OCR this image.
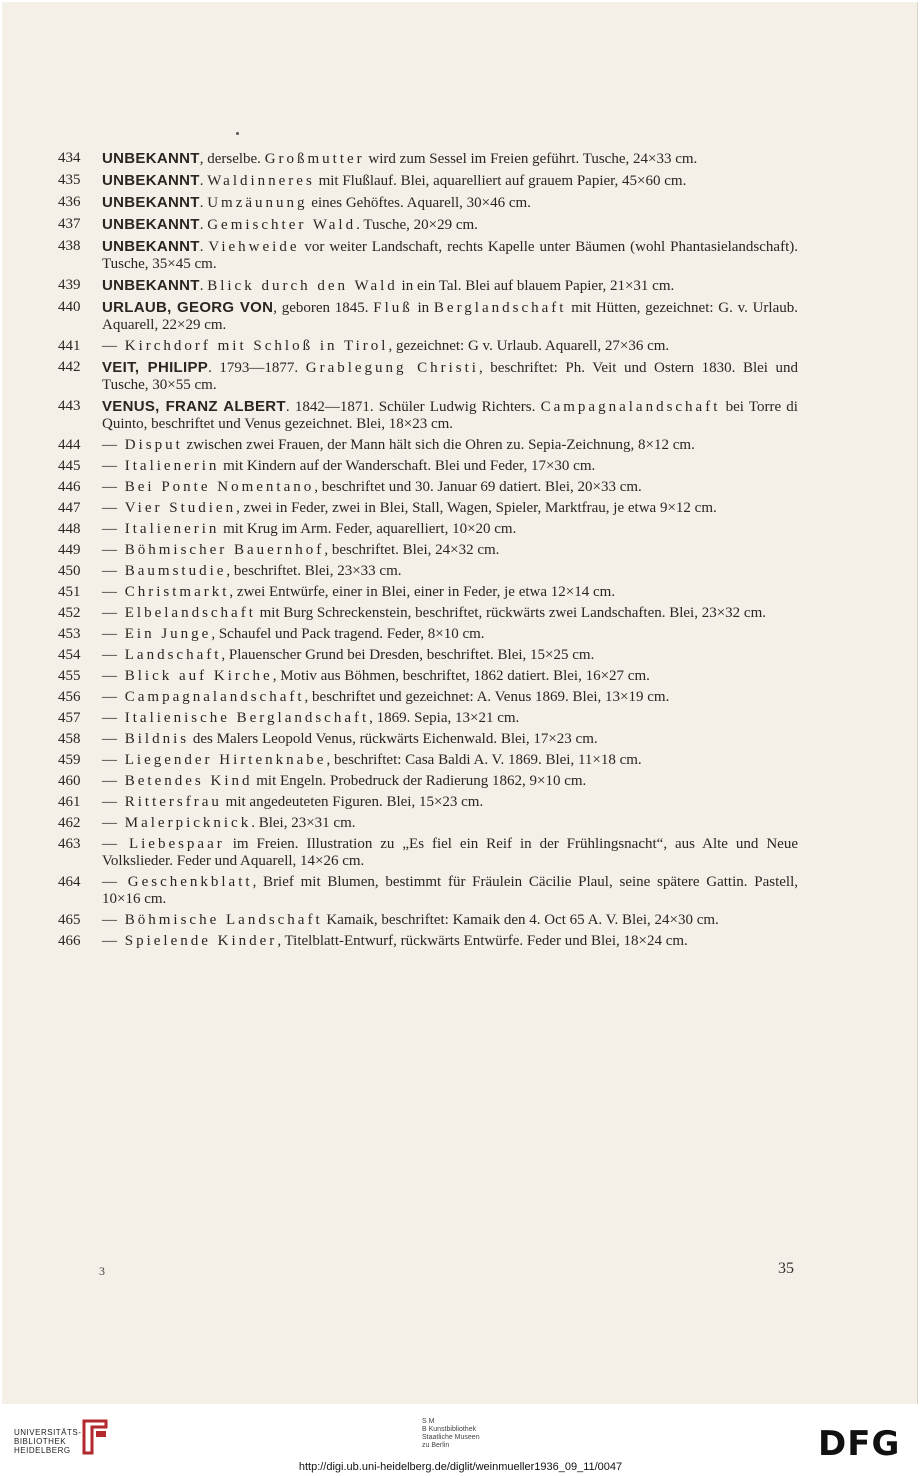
434	UNBEKANNT, derselbe. Großmutter wird zum Sessel im Freien geführt. Tusche, 24×33 cm.
435	UNBEKANNT. Waldinneres mit Flußlauf. Blei, aquarelliert auf grauem Papier, 45×60 cm.
436	UNBEKANNT. Umzäunung eines Gehöftes. Aquarell, 30×46 cm.
437	UNBEKANNT. Gemischter Wald. Tusche, 20×29 cm.
438	UNBEKANNT. Viehweide vor weiter Landschaft, rechts Kapelle unter Bäumen (wohl Phantasielandschaft). Tusche, 35×45 cm.
439	UNBEKANNT. Blick durch den Wald in ein Tal. Blei auf blauem Papier, 21×31 cm.
440	URLAUB, GEORG VON, geboren 1845. Fluß in Berglandschaft mit Hütten, gezeichnet: G. v. Urlaub. Aquarell, 22×29 cm.
441	— Kirchdorf mit Schloß in Tirol, gezeichnet: G v. Urlaub. Aquarell, 27×36 cm.
442	VEIT, PHILIPP. 1793—1877. Grablegung Christi, beschriftet: Ph. Veit und Ostern 1830. Blei und Tusche, 30×55 cm.
443	VENUS, FRANZ ALBERT. 1842—1871. Schüler Ludwig Richters. Campagnalandschaft bei Torre di Quinto, beschriftet und Venus gezeichnet. Blei, 18×23 cm.
444	— Disput zwischen zwei Frauen, der Mann hält sich die Ohren zu. Sepia-Zeichnung, 8×12 cm.
445	— Italienerin mit Kindern auf der Wanderschaft. Blei und Feder, 17×30 cm.
446	— Bei Ponte Nomentano, beschriftet und 30. Januar 69 datiert. Blei, 20×33 cm.
447	— Vier Studien, zwei in Feder, zwei in Blei, Stall, Wagen, Spieler, Marktfrau, je etwa 9×12 cm.
448	— Italienerin mit Krug im Arm. Feder, aquarelliert, 10×20 cm.
449	— Böhmischer Bauernhof, beschriftet. Blei, 24×32 cm.
450	— Baumstudie, beschriftet. Blei, 23×33 cm.
451	— Christmarkt, zwei Entwürfe, einer in Blei, einer in Feder, je etwa 12×14 cm.
452	— Elbelandschaft mit Burg Schreckenstein, beschriftet, rückwärts zwei Landschaften. Blei, 23×32 cm.
453	— Ein Junge, Schaufel und Pack tragend. Feder, 8×10 cm.
454	— Landschaft, Plauenscher Grund bei Dresden, beschriftet. Blei, 15×25 cm.
455	— Blick auf Kirche, Motiv aus Böhmen, beschriftet, 1862 datiert. Blei, 16×27 cm.
456	— Campagnalandschaft, beschriftet und gezeichnet: A. Venus 1869. Blei, 13×19 cm.
457	— Italienische Berglandschaft, 1869. Sepia, 13×21 cm.
458	— Bildnis des Malers Leopold Venus, rückwärts Eichenwald. Blei, 17×23 cm.
459	— Liegender Hirtenknabe, beschriftet: Casa Baldi A. V. 1869. Blei, 11×18 cm.
460	— Betendes Kind mit Engeln. Probedruck der Radierung 1862, 9×10 cm.
461	— Rittersfrau mit angedeuteten Figuren. Blei, 15×23 cm.
462	— Malerpicknick. Blei, 23×31 cm.
463	— Liebespaar im Freien. Illustration zu „Es fiel ein Reif in der Frühlingsnacht“, aus Alte und Neue Volkslieder. Feder und Aquarell, 14×26 cm.
464	— Geschenkblatt, Brief mit Blumen, bestimmt für Fräulein Cäcilie Plaul, seine spätere Gattin. Pastell, 10×16 cm.
465	— Böhmische Landschaft Kamaik, beschriftet: Kamaik den 4. Oct 65 A. V. Blei, 24×30 cm.
466	— Spielende Kinder, Titelblatt-Entwurf, rückwärts Entwürfe. Feder und Blei, 18×24 cm.
3	35
UNIVERSITÄTS-
BIBLIOTHEK
HEIDELBERG
S M
B Kunstbibliothek
Staatliche Museen
zu Berlin	DFG
http://digi.ub.uni-heidelberg.de/diglit/weinmueller1936_09_11/0047
